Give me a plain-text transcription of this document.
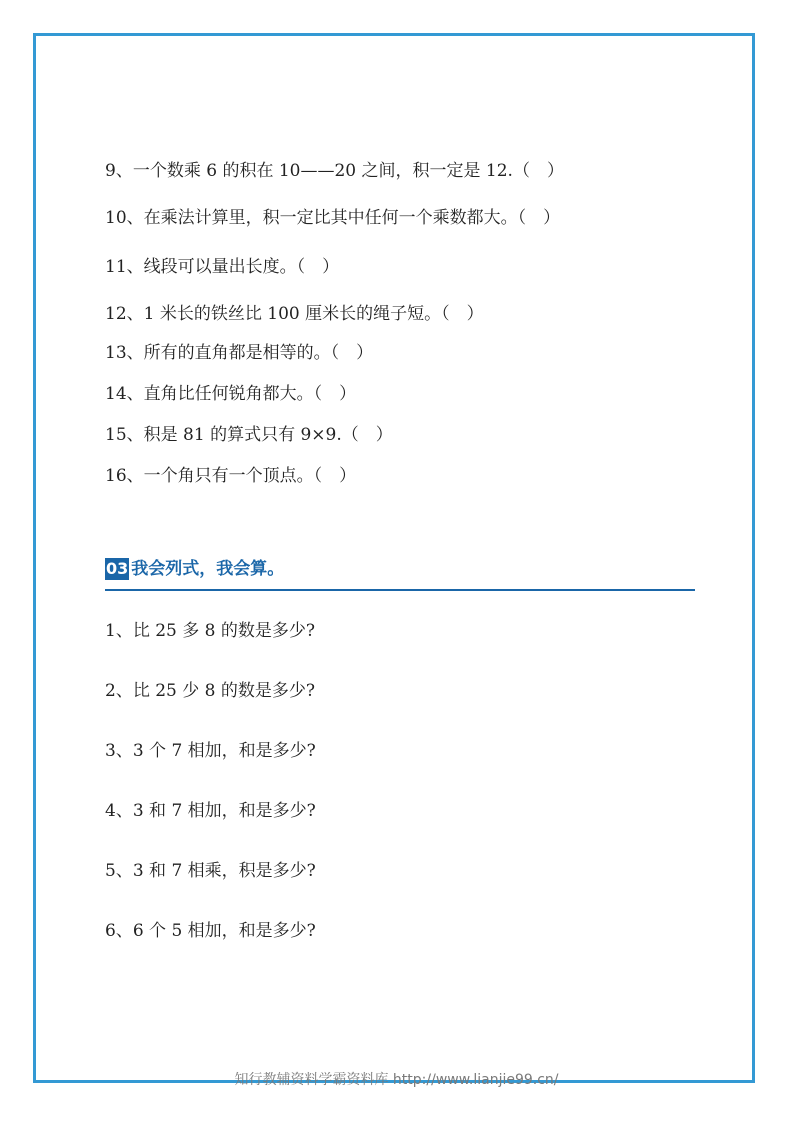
9、一个数乘 6 的积在 10——20 之间，积一定是 12.（　）
10、在乘法计算里，积一定比其中任何一个乘数都大。（　）
11、线段可以量出长度。（　）
12、1 米长的铁丝比 100 厘米长的绳子短。（　）
13、所有的直角都是相等的。（　）
14、直角比任何锐角都大。（　）
15、积是 81 的算式只有 9×9.（　）
16、一个角只有一个顶点。（　）
03 我会列式，我会算。
1、比 25 多 8 的数是多少?
2、比 25 少 8 的数是多少?
3、3 个 7 相加，和是多少?
4、3 和 7 相加，和是多少?
5、3 和 7 相乘，积是多少?
6、6 个 5 相加，和是多少?
知行教辅资料学霸资料库 http://www.lianjie99.cn/
